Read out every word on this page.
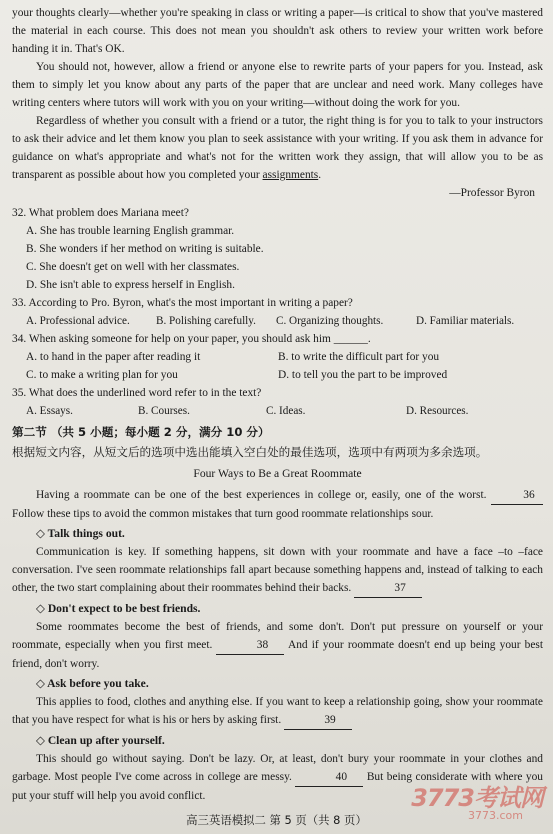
your thoughts clearly—whether you're speaking in class or writing a paper—is critical to show that you've mastered the material in each course. This does not mean you shouldn't ask others to review your written work before handing it in. That's OK.

You should not, however, allow a friend or anyone else to rewrite parts of your papers for you. Instead, ask them to simply let you know about any parts of the paper that are unclear and need work. Many colleges have writing centers where tutors will work with you on your writing—without doing the work for you.

Regardless of whether you consult with a friend or a tutor, the right thing is for you to talk to your instructors to ask their advice and let them know you plan to seek assistance with your writing. If you ask them in advance for guidance on what's appropriate and what's not for the written work they assign, that will allow you to be as transparent as possible about how you completed your assignments.

—Professor Byron

32. What problem does Mariana meet?

A. She has trouble learning English grammar.

B. She wonders if her method on writing is suitable.

C. She doesn't get on well with her classmates.

D. She isn't able to express herself in English.

33. According to Pro. Byron, what's the most important in writing a paper?

A. Professional advice.	B. Polishing carefully.	C. Organizing thoughts.	D. Familiar materials.

34. When asking someone for help on your paper, you should ask him ______.

A. to hand in the paper after reading it	B. to write the difficult part for you
C. to make a writing plan for you	D. to tell you the part to be improved

35. What does the underlined word refer to in the text?

A. Essays.	B. Courses.	C. Ideas.	D. Resources.

第二节 （共 5 小题；每小题 2 分，满分 10 分）

根据短文内容，从短文后的选项中选出能填入空白处的最佳选项，选项中有两项为多余选项。

Four Ways to Be a Great Roommate

Having a roommate can be one of the best experiences in college or, easily, one of the worst.	36 Follow these tips to avoid the common mistakes that turn good roommate relationships sour.

◇ Talk things out.

Communication is key. If something happens, sit down with your roommate and have a face –to –face conversation. I've seen roommate relationships fall apart because something happens and, instead of talking to each other, the two start complaining about their roommates behind their backs.	37

◇ Don't expect to be best friends.

Some roommates become the best of friends, and some don't. Don't put pressure on yourself or your roommate, especially when you first meet.	38 And if your roommate doesn't end up being your best friend, don't worry.

◇ Ask before you take.

This applies to food, clothes and anything else. If you want to keep a relationship going, show your roommate that you have respect for what is his or hers by asking first.	39

◇ Clean up after yourself.

This should go without saying. Don't be lazy. Or, at least, don't bury your roommate in your clothes and garbage. Most people I've come across in college are messy.	40 But being considerate with where you put your stuff will help you avoid conflict.	3773考试网
3773.com
高三英语模拟二 第 5 页（共 8 页）
